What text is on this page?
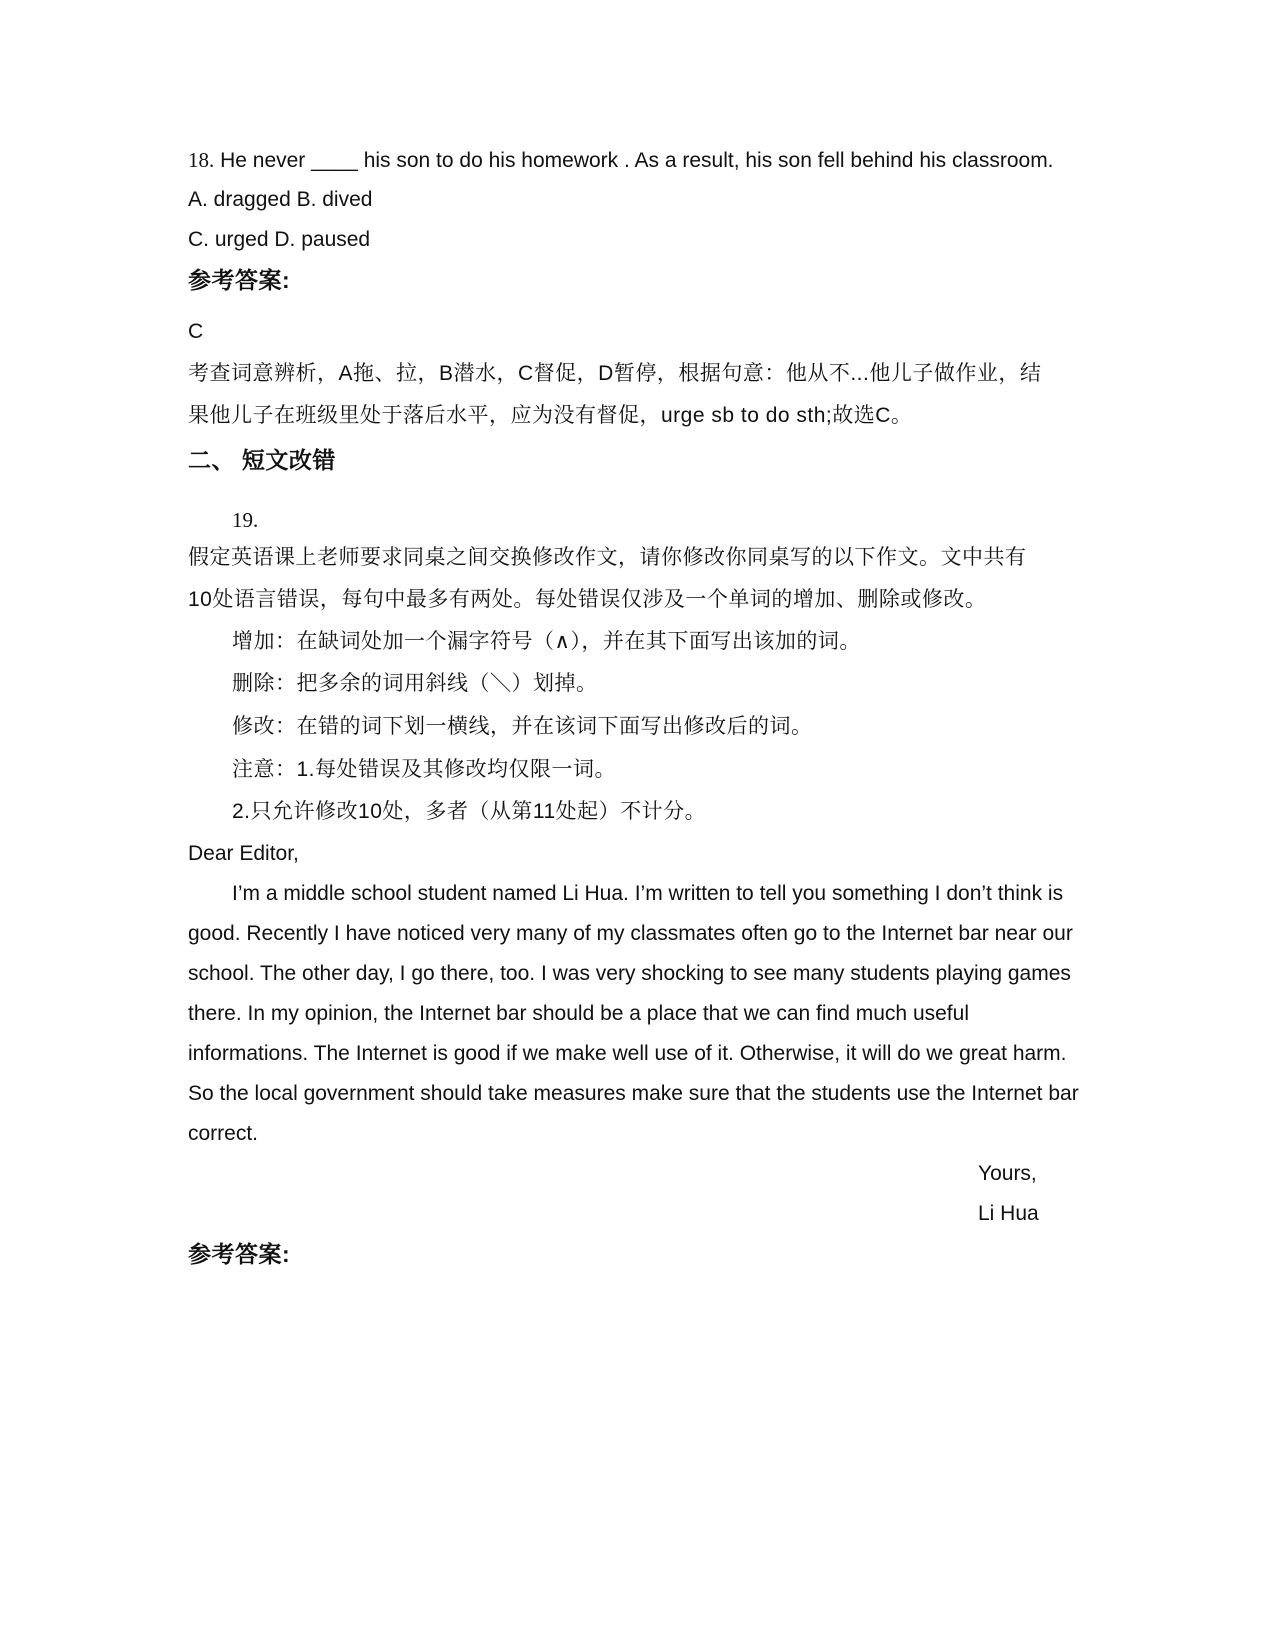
18. He never ____ his son to do his homework . As a result, his son fell behind his classroom.
A. dragged B. dived
C. urged D. paused
参考答案:
C
考查词意辨析，A拖、拉，B潜水，C督促，D暂停，根据句意：他从不...他儿子做作业，结
果他儿子在班级里处于落后水平，应为没有督促，urge sb to do sth;故选C。
二、 短文改错
19.
假定英语课上老师要求同桌之间交换修改作文，请你修改你同桌写的以下作文。文中共有
10处语言错误，每句中最多有两处。每处错误仅涉及一个单词的增加、删除或修改。
增加：在缺词处加一个漏字符号（∧），并在其下面写出该加的词。
删除：把多余的词用斜线（＼）划掉。
修改：在错的词下划一横线，并在该词下面写出修改后的词。
注意：1.每处错误及其修改均仅限一词。
2.只允许修改10处，多者（从第11处起）不计分。
Dear Editor,
I’m a middle school student named Li Hua. I’m written to tell you something I don’t think is
good. Recently I have noticed very many of my classmates often go to the Internet bar near our
school. The other day, I go there, too. I was very shocking to see many students playing games
there. In my opinion, the Internet bar should be a place that we can find much useful
informations. The Internet is good if we make well use of it. Otherwise, it will do we great harm.
So the local government should take measures make sure that the students use the Internet bar
correct.
Yours,
Li Hua
参考答案:
